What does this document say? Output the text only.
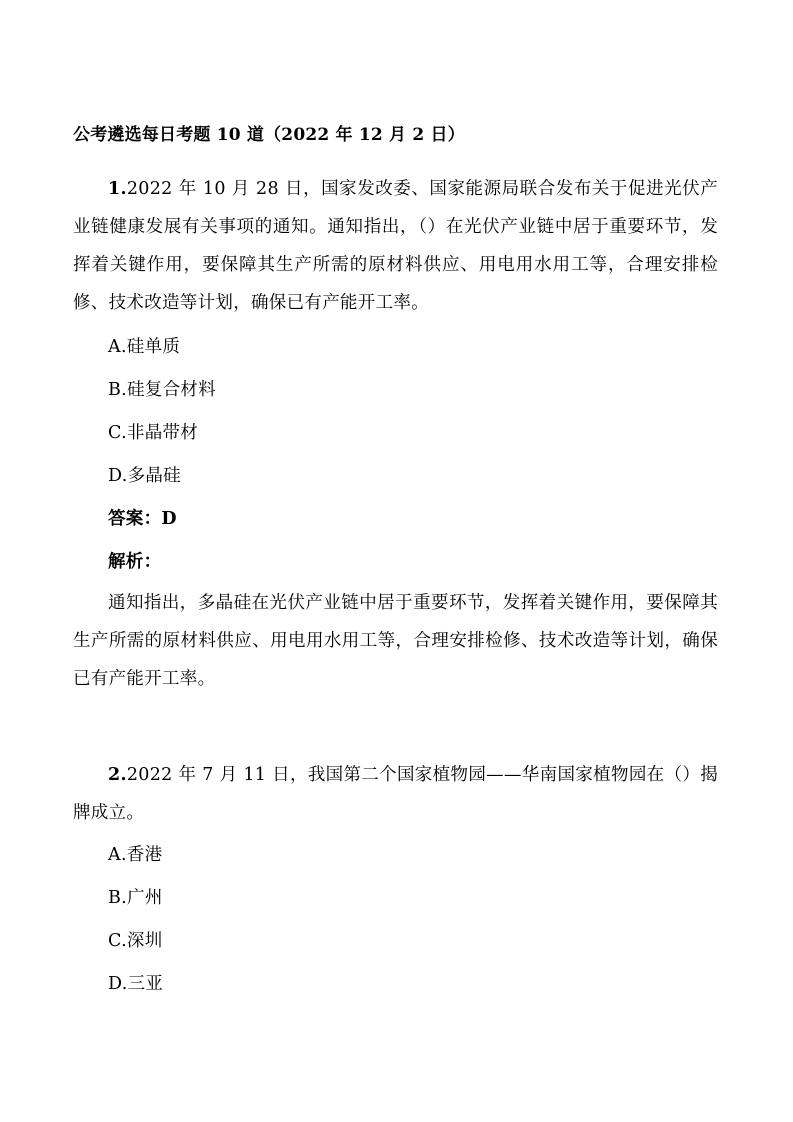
公考遴选每日考题 10 道（2022 年 12 月 2 日）

1.2022 年 10 月 28 日，国家发改委、国家能源局联合发布关于促进光伏产业链健康发展有关事项的通知。通知指出，（）在光伏产业链中居于重要环节，发挥着关键作用，要保障其生产所需的原材料供应、用电用水用工等，合理安排检修、技术改造等计划，确保已有产能开工率。

A.硅单质

B.硅复合材料

C.非晶带材

D.多晶硅

答案：D

解析：

通知指出，多晶硅在光伏产业链中居于重要环节，发挥着关键作用，要保障其生产所需的原材料供应、用电用水用工等，合理安排检修、技术改造等计划，确保已有产能开工率。

2.2022 年 7 月 11 日，我国第二个国家植物园——华南国家植物园在（）揭牌成立。

A.香港

B.广州

C.深圳

D.三亚
